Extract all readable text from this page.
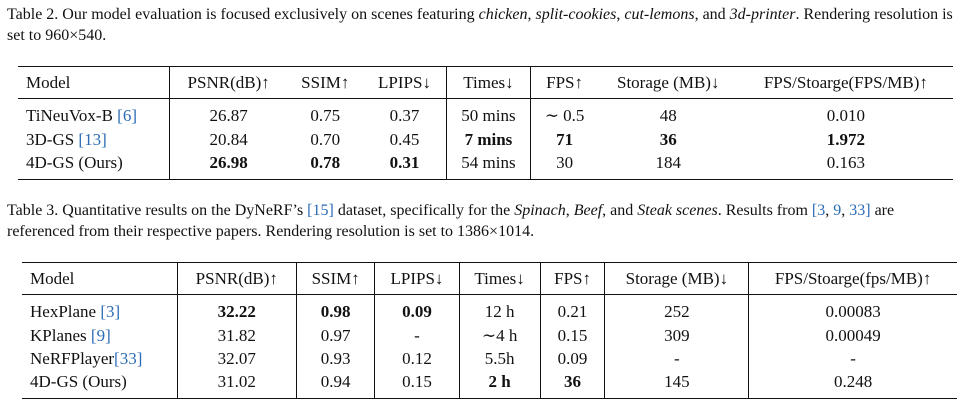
Table 2. Our model evaluation is focused exclusively on scenes featuring chicken, split-cookies, cut-lemons, and 3d-printer. Rendering resolution is set to 960×540.
Model	PSNR(dB)↑	SSIM↑	LPIPS↓	Times↓	FPS↑	Storage (MB)↓	FPS/Stoarge(FPS/MB)↑
TiNeuVox-B [6]	26.87	0.75	0.37	50 mins	∼ 0.5	48	0.010
3D-GS [13]	20.84	0.70	0.45	7 mins	71	36	1.972
4D-GS (Ours)	26.98	0.78	0.31	54 mins	30	184	0.163
Table 3. Quantitative results on the DyNeRF’s [15] dataset, specifically for the Spinach, Beef, and Steak scenes. Results from [3, 9, 33] are referenced from their respective papers. Rendering resolution is set to 1386×1014.
Model	PSNR(dB)↑	SSIM↑	LPIPS↓	Times↓	FPS↑	Storage (MB)↓	FPS/Stoarge(fps/MB)↑
HexPlane [3]	32.22	0.98	0.09	12 h	0.21	252	0.00083
KPlanes [9]	31.82	0.97	-	∼4 h	0.15	309	0.00049
NeRFPlayer[33]	32.07	0.93	0.12	5.5h	0.09	-	-
4D-GS (Ours)	31.02	0.94	0.15	2 h	36	145	0.248
